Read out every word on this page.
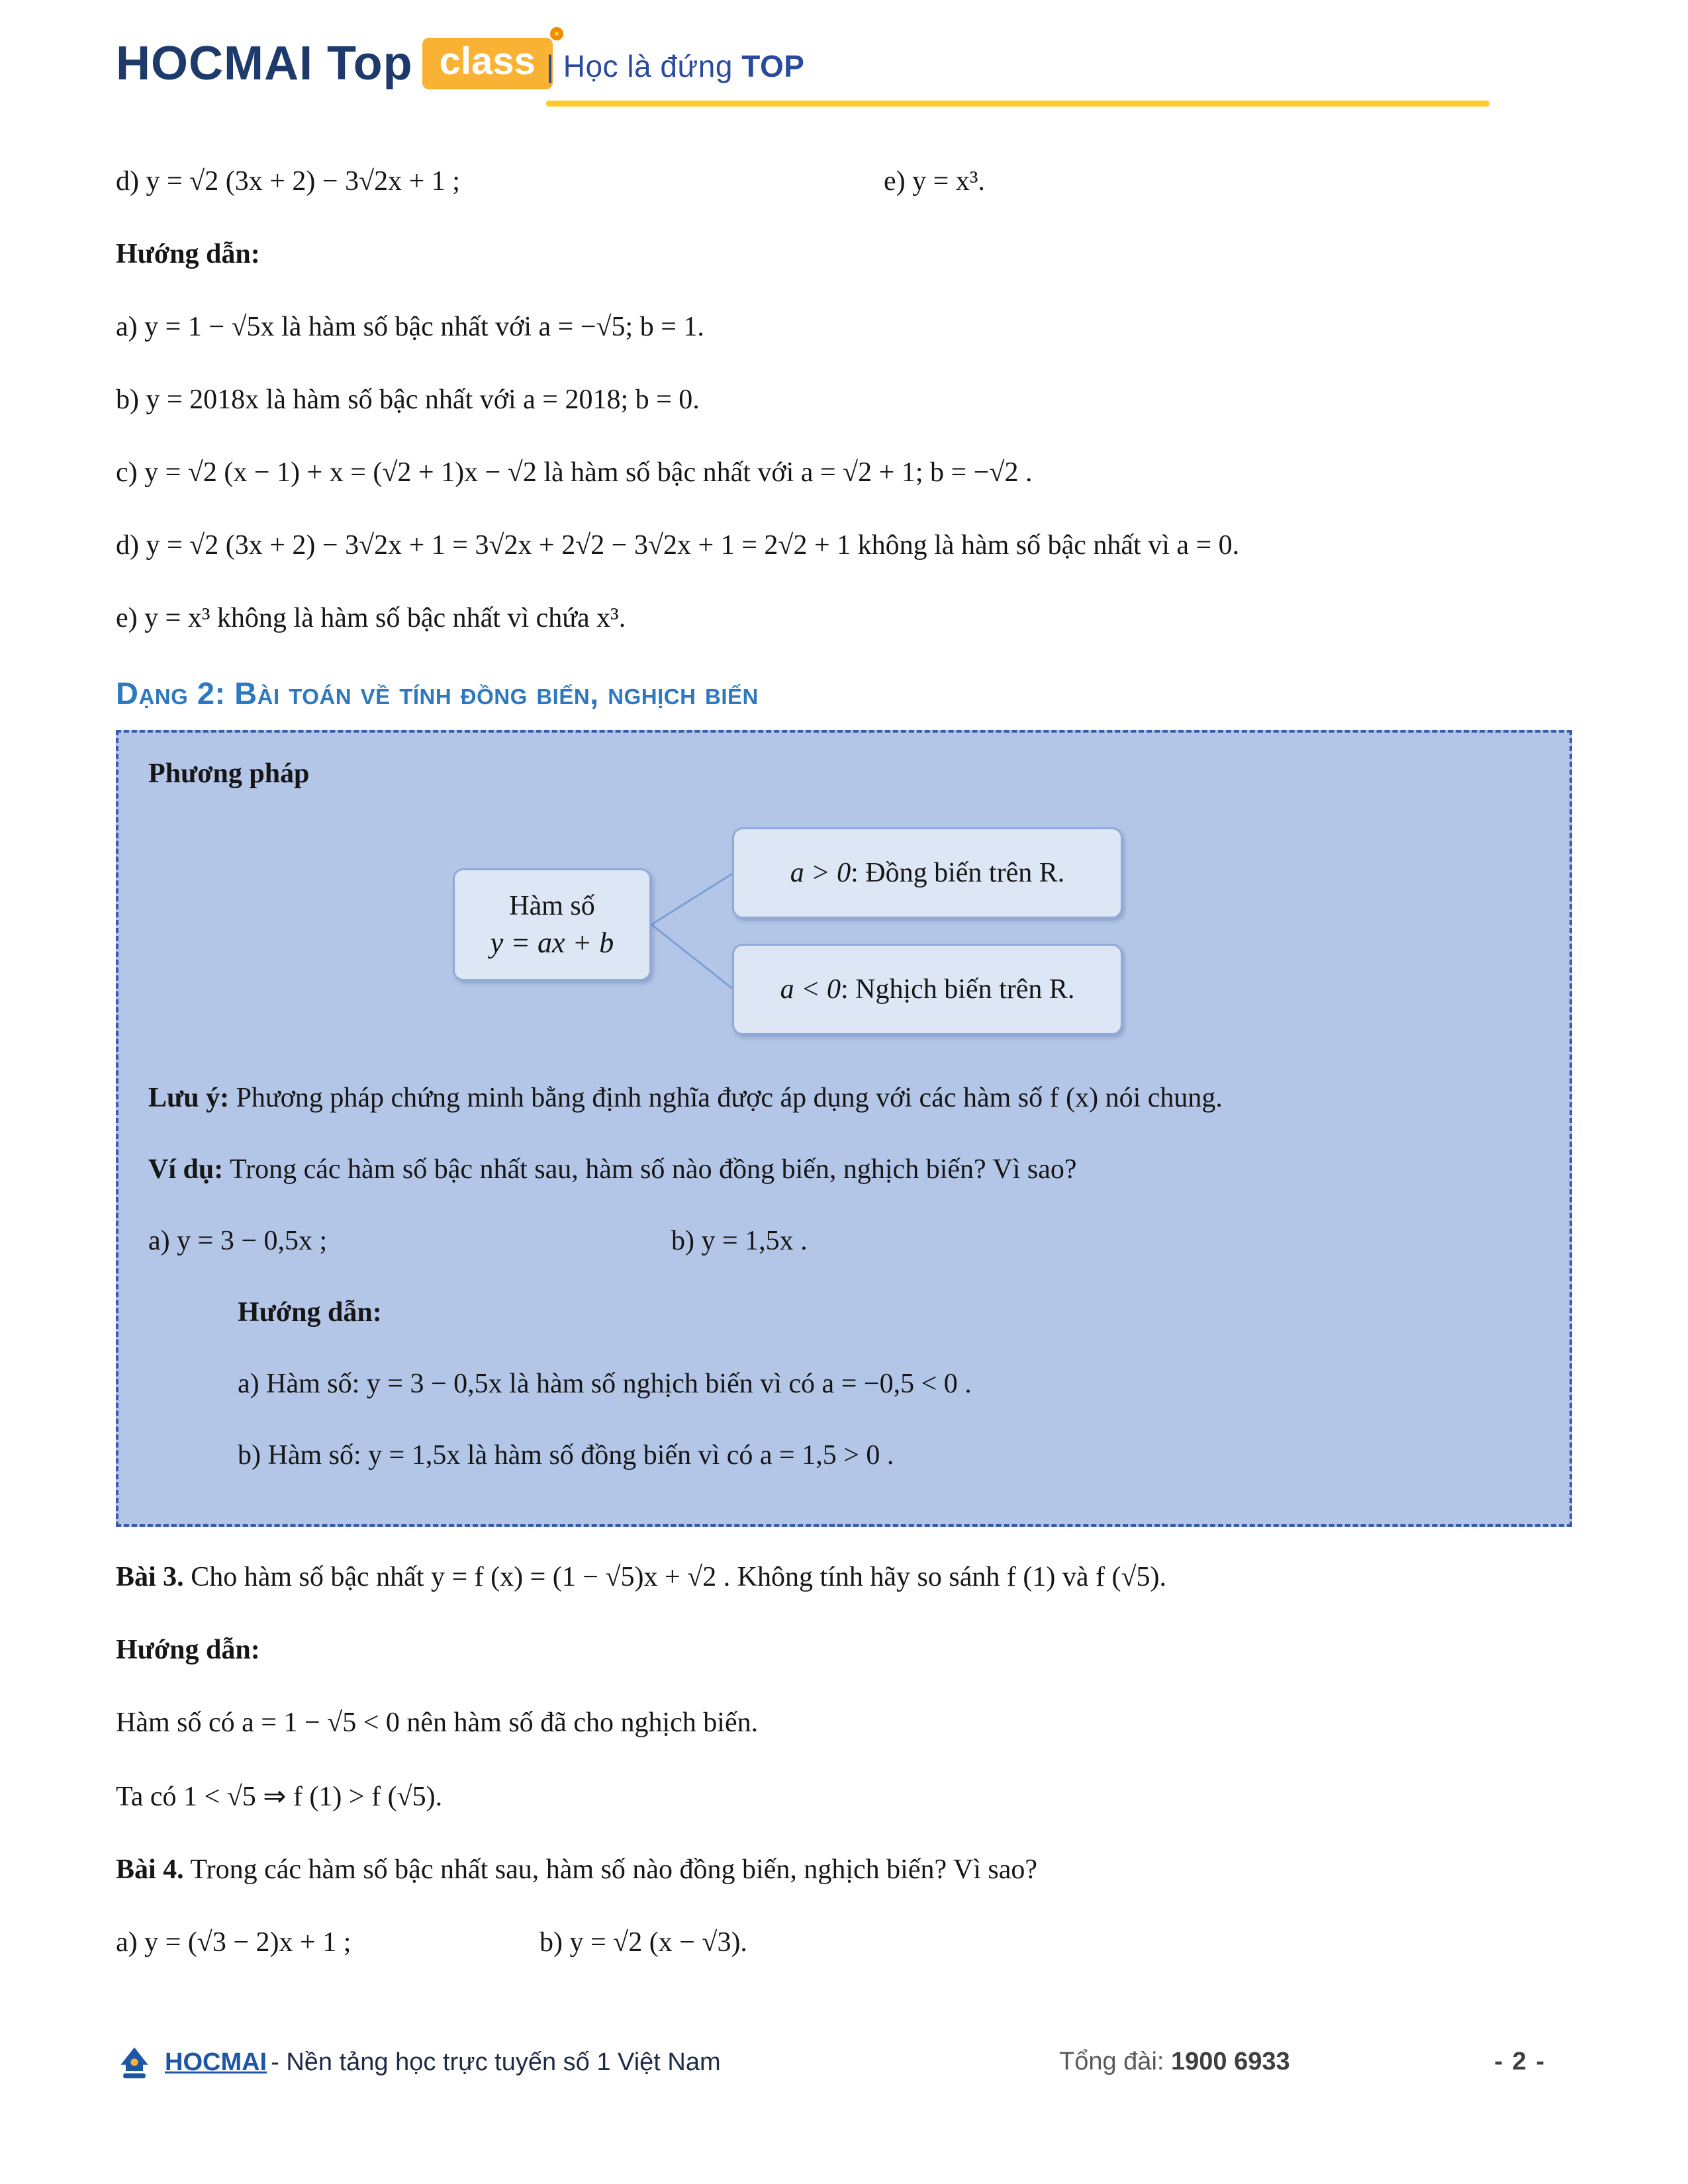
HOCMAI Top class | Học là đứng TOP
d) y = √2 (3x + 2) − 3√2x + 1 ;	e) y = x³.
Hướng dẫn:
a) y = 1 − √5x là hàm số bậc nhất với a = −√5; b = 1.
b) y = 2018x là hàm số bậc nhất với a = 2018; b = 0.
c) y = √2 (x − 1) + x = (√2 + 1)x − √2 là hàm số bậc nhất với a = √2 + 1; b = −√2 .
d) y = √2 (3x + 2) − 3√2x + 1 = 3√2x + 2√2 − 3√2x + 1 = 2√2 + 1 không là hàm số bậc nhất vì a = 0.
e) y = x³ không là hàm số bậc nhất vì chứa x³.
Dạng 2: Bài toán về tính đồng biến, nghịch biến
Phương pháp
Hàm số
y = ax + b
a > 0 : Đồng biến trên R.
a < 0 : Nghịch biến trên R.
Lưu ý: Phương pháp chứng minh bằng định nghĩa được áp dụng với các hàm số f (x) nói chung.
Ví dụ: Trong các hàm số bậc nhất sau, hàm số nào đồng biến, nghịch biến? Vì sao?
a) y = 3 − 0,5x ;	b) y = 1,5x .
Hướng dẫn:
a) Hàm số: y = 3 − 0,5x là hàm số nghịch biến vì có a = −0,5 < 0 .
b) Hàm số: y = 1,5x là hàm số đồng biến vì có a = 1,5 > 0 .
Bài 3. Cho hàm số bậc nhất y = f (x) = (1 − √5)x + √2 . Không tính hãy so sánh f (1) và f (√5).
Hướng dẫn:
Hàm số có a = 1 − √5 < 0 nên hàm số đã cho nghịch biến.
Ta có 1 < √5 ⇒ f (1) > f (√5).
Bài 4. Trong các hàm số bậc nhất sau, hàm số nào đồng biến, nghịch biến? Vì sao?
a) y = (√3 − 2)x + 1 ;	b) y = √2 (x − √3).
HOCMAI - Nền tảng học trực tuyến số 1 Việt Nam	Tổng đài: 1900 6933	- 2 -
